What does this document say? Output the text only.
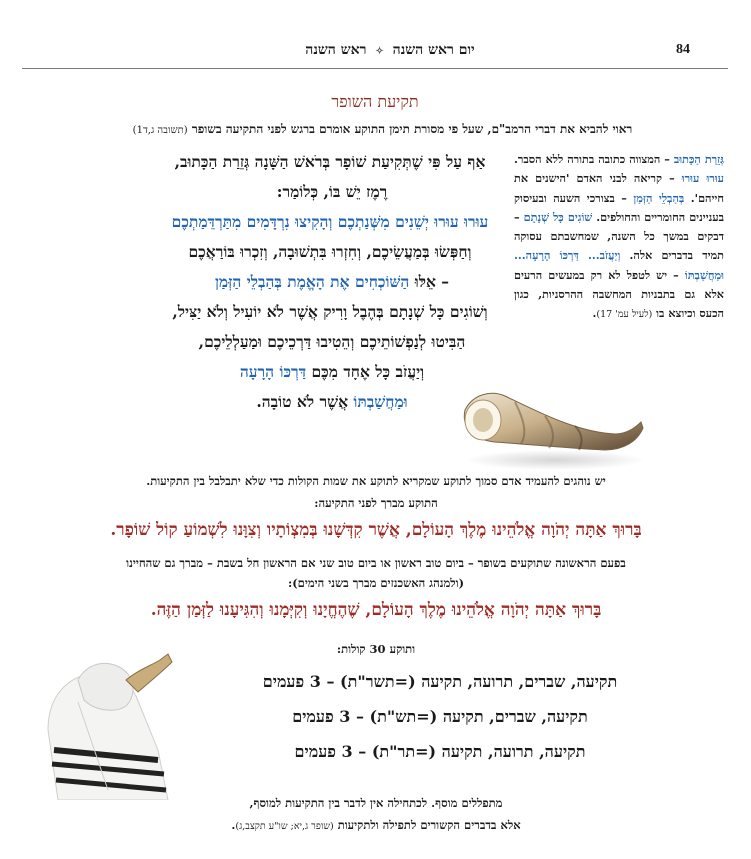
84
יום ראש השנה ✧ ראש השנה
תקיעת השופר
ראוי להביא את דברי הרמב"ם, שעל פי מסורת תימן התוקע אומרם ברגש לפני התקיעה בשופר (תשובה ג,ד1)
גְּזֵרַת הַכָּתוּב – המצווה כתובה בתורה ללא הסבר. עוּרוּ עוּרוּ – קריאה לבני האדם 'הישנים את חייהם'. בְּהַבְלֵי הַזְּמַן – בצורכי השעה ובעיסוק בעניינים החומריים והחולפים. שׁוֹגִים כָּל שְׁנָתָם – דבקים במשך כל השנה, שמחשבתם עסוקה תמיד בדברים אלה. וְיַעֲזֹב... דַּרְכּוֹ הָרָעָה... וּמַחֲשַׁבְתּוֹ – יש לטפל לא רק במעשים הרעים אלא גם בתבניות המחשבה ההרסניות, כגון הכעס וכיוצא בו (לעיל עמ' 17).
אַף עַל פִּי שֶׁתְּקִיעַת שׁוֹפָר בְּרֹאשׁ הַשָּׁנָה גְּזֵרַת הַכָּתוּב,
רֶמֶז יֵשׁ בּוֹ, כְּלוֹמַר:
עוּרוּ עוּרוּ יְשֵׁנִים מִשְּׁנַתְכֶם וְהָקִיצוּ נִרְדָּמִים מִתַּרְדֵּמַתְכֶם
וְחַפְּשׂוּ בְּמַעֲשֵׂיכֶם, וְחִזְרוּ בִּתְשׁוּבָה, וְזִכְרוּ בּוֹרַאֲכֶם
– אֵלּוּ הַשּׁוֹכְחִים אֶת הָאֱמֶת בְּהַבְלֵי הַזְּמַן
וְשׁוֹגִים כָּל שְׁנָתָם בְּהֶבֶל וָרִיק אֲשֶׁר לֹא יוֹעִיל וְלֹא יַצִּיל,
הַבִּיטוּ לְנַפְשׁוֹתֵיכֶם וְהֵטִיבוּ דַּרְכֵיכֶם וּמַעַלְלֵיכֶם,
וְיַעֲזֹב כָּל אֶחָד מִכֶּם דַּרְכּוֹ הָרָעָה
וּמַחֲשַׁבְתּוֹ אֲשֶׁר לֹא טוֹבָה.
יש נוהגים להעמיד אדם סמוך לתוקע שמקריא לתוקע את שמות הקולות כדי שלא יתבלבל בין התקיעות.
התוקע מברך לפני התקיעה:
בָּרוּךְ אַתָּה יְהֹוָה אֱלֹהֵינוּ מֶלֶךְ הָעוֹלָם, אֲשֶׁר קִדְּשָׁנוּ בְּמִצְוֹתָיו וְצִוָּנוּ לִשְׁמוֹעַ קוֹל שׁוֹפָר.
בפעם הראשונה שתוקעים בשופר – ביום טוב ראשון או ביום טוב שני אם הראשון חל בשבת – מברך גם שהחיינו
(ולמנהג האשכנזים מברך בשני הימים):
בָּרוּךְ אַתָּה יְהֹוָה אֱלֹהֵינוּ מֶלֶךְ הָעוֹלָם, שֶׁהֶחֱיָנוּ וְקִיְּמָנוּ וְהִגִּיעָנוּ לַזְּמַן הַזֶּה.
ותוקע 30 קולות:
תקיעה, שברים, תרועה, תקיעה (=תשר"ת) – 3 פעמים
תקיעה, שברים, תקיעה (=תש"ת) – 3 פעמים
תקיעה, תרועה, תקיעה (=תר"ת) – 3 פעמים
מתפללים מוסף. לכתחילה אין לדבר בין התקיעות למוסף,
אלא בדברים הקשורים לתפילה ולתקיעות (שופר ג,יא; שו"ע תקצב,ג).
